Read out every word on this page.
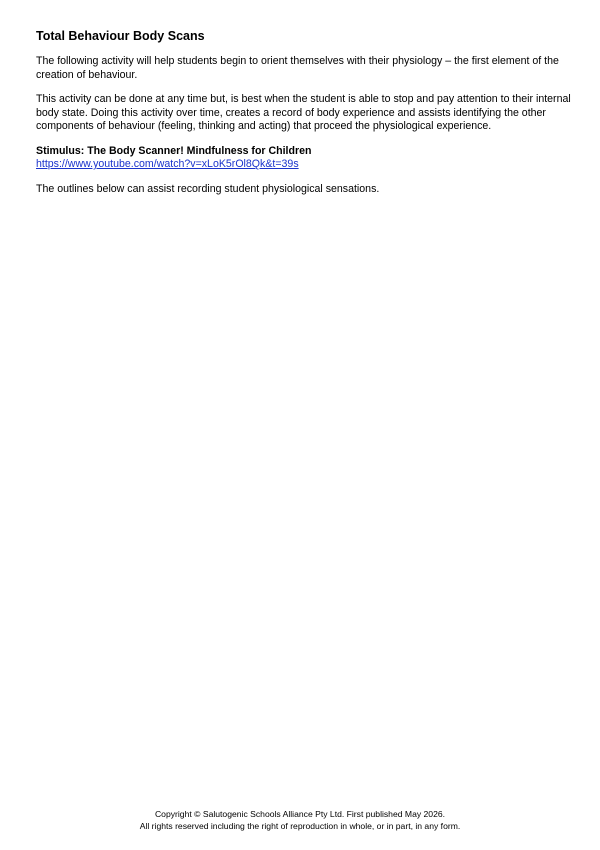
Total Behaviour Body Scans

The following activity will help students begin to orient themselves with their physiology – the first element of the creation of behaviour.

This activity can be done at any time but, is best when the student is able to stop and pay attention to their internal body state. Doing this activity over time, creates a record of body experience and assists identifying the other components of behaviour (feeling, thinking and acting) that proceed the physiological experience.

Stimulus: The Body Scanner! Mindfulness for Children
https://www.youtube.com/watch?v=xLoK5rOl8Qk&t=39s

The outlines below can assist recording student physiological sensations.

Copyright © Salutogenic Schools Alliance Pty Ltd. First published May 2026.
All rights reserved including the right of reproduction in whole, or in part, in any form.
